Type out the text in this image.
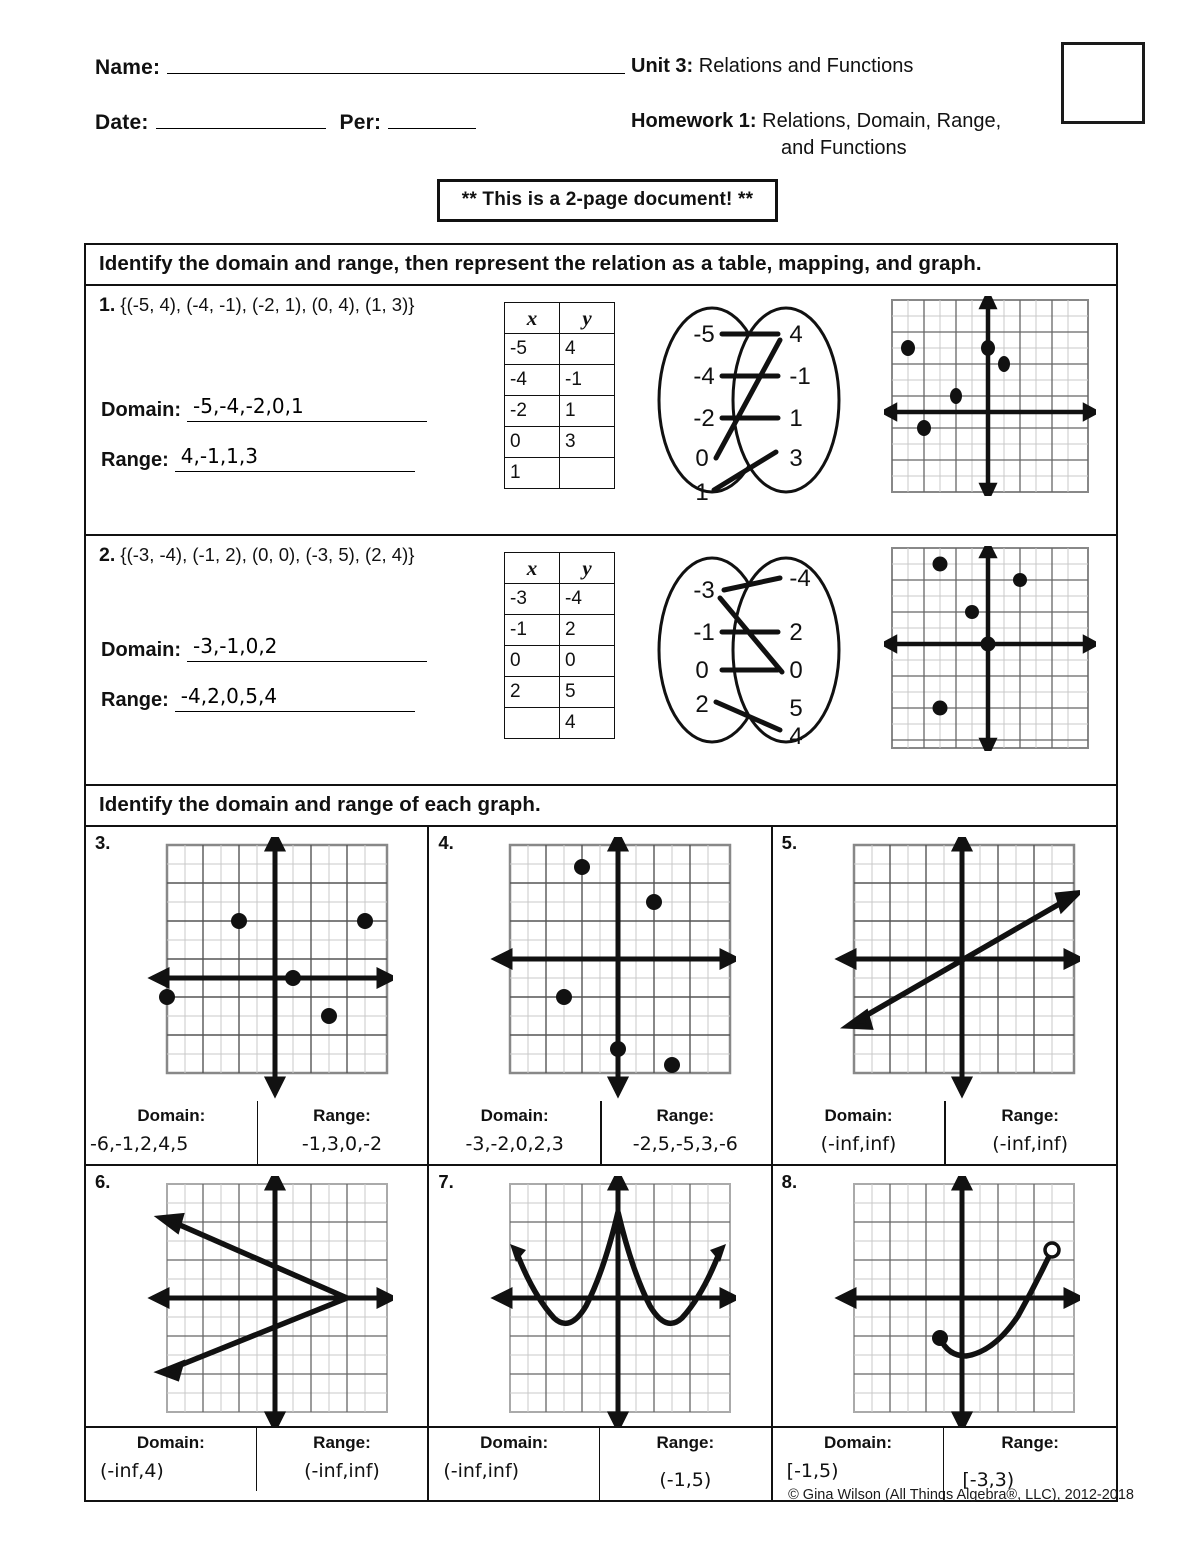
Name:
Date:	Per:
Unit 3: Relations and Functions
Homework 1: Relations, Domain, Range,
and Functions
** This is a 2-page document! **
Identify the domain and range, then represent the relation as a table, mapping, and graph.
1. {(-5, 4), (-4, -1), (-2, 1), (0, 4), (1, 3)}
Domain: -5,-4,-2,0,1
Range: 4,-1,1,3
x	y
-5	4
-4	-1
-2	1
0	3
1	
-5
-4
-2
0
1
4
-1
1
3
2. {(-3, -4), (-1, 2), (0, 0), (-3, 5), (2, 4)}
Domain: -3,-1,0,2
Range: -4,2,0,5,4
x	y
-3	-4
-1	2
0	0
2	5
	4
-3
-1
0
2
-4
2
0
5
4
Identify the domain and range of each graph.
3.
Domain:
-6,-1,2,4,5
Range:
-1,3,0,-2
4.
Domain:
-3,-2,0,2,3
Range:
-2,5,-5,3,-6
5.
Domain:
(-inf,inf)
Range:
(-inf,inf)
6.	7.	8.
Domain:
(-inf,4)
Range:
(-inf,inf)
Domain:
(-inf,inf)
Range:
(-1,5)
Domain:
[-1,5)
Range:
[-3,3)
© Gina Wilson (All Things Algebra®, LLC), 2012-2018
